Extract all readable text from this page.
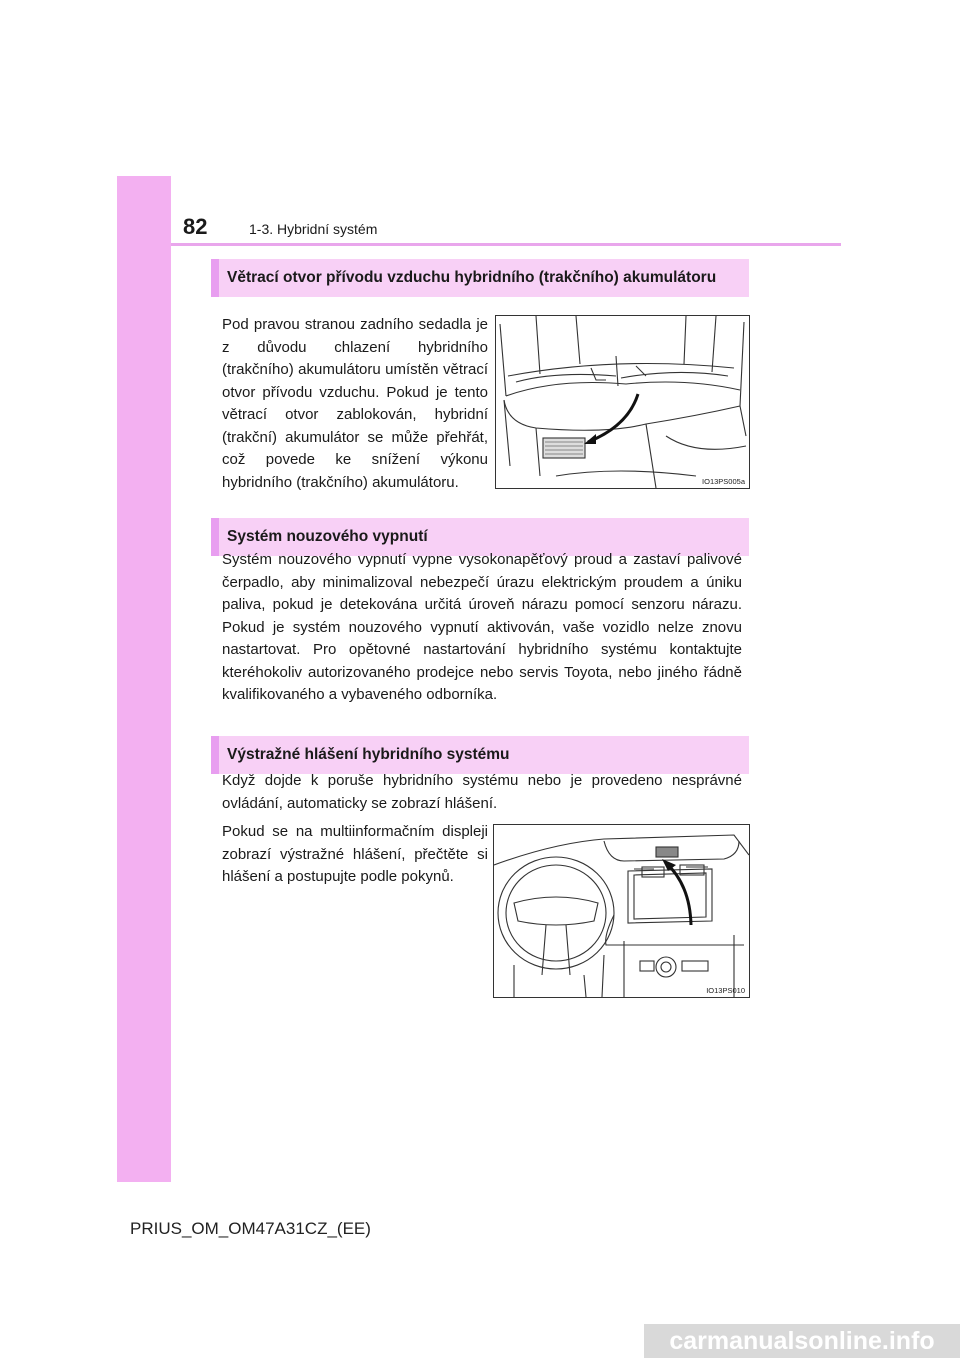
82	1-3. Hybridní systém
Větrací otvor přívodu vzduchu hybridního (trakčního) akumulátoru

Pod pravou stranou zadního sedadla je z důvodu chlazení hybridního (trakčního) akumulátoru umístěn větrací otvor přívodu vzduchu. Pokud je tento větrací otvor zablokován, hybridní (trakční) akumulátor se může přehřát, což povede ke snížení výkonu hybridního (trakčního) akumulátoru.	IO13PS005a
Systém nouzového vypnutí

Systém nouzového vypnutí vypne vysokonapěťový proud a zastaví palivové čerpadlo, aby minimalizoval nebezpečí úrazu elektrickým proudem a úniku paliva, pokud je detekována určitá úroveň nárazu pomocí senzoru nárazu. Pokud je systém nouzového vypnutí aktivován, vaše vozidlo nelze znovu nastartovat. Pro opětovné nastartování hybridního systému kontaktujte kteréhokoliv autorizovaného prodejce nebo servis Toyota, nebo jiného řádně kvalifikovaného a vybaveného odborníka.

Výstražné hlášení hybridního systému

Když dojde k poruše hybridního systému nebo je provedeno nesprávné ovládání, automaticky se zobrazí hlášení.

Pokud se na multiinformačním displeji zobrazí výstražné hlášení, přečtěte si hlášení a postupujte podle pokynů.

IO13PS010
PRIUS_OM_OM47A31CZ_(EE)
carmanualsonline.info
